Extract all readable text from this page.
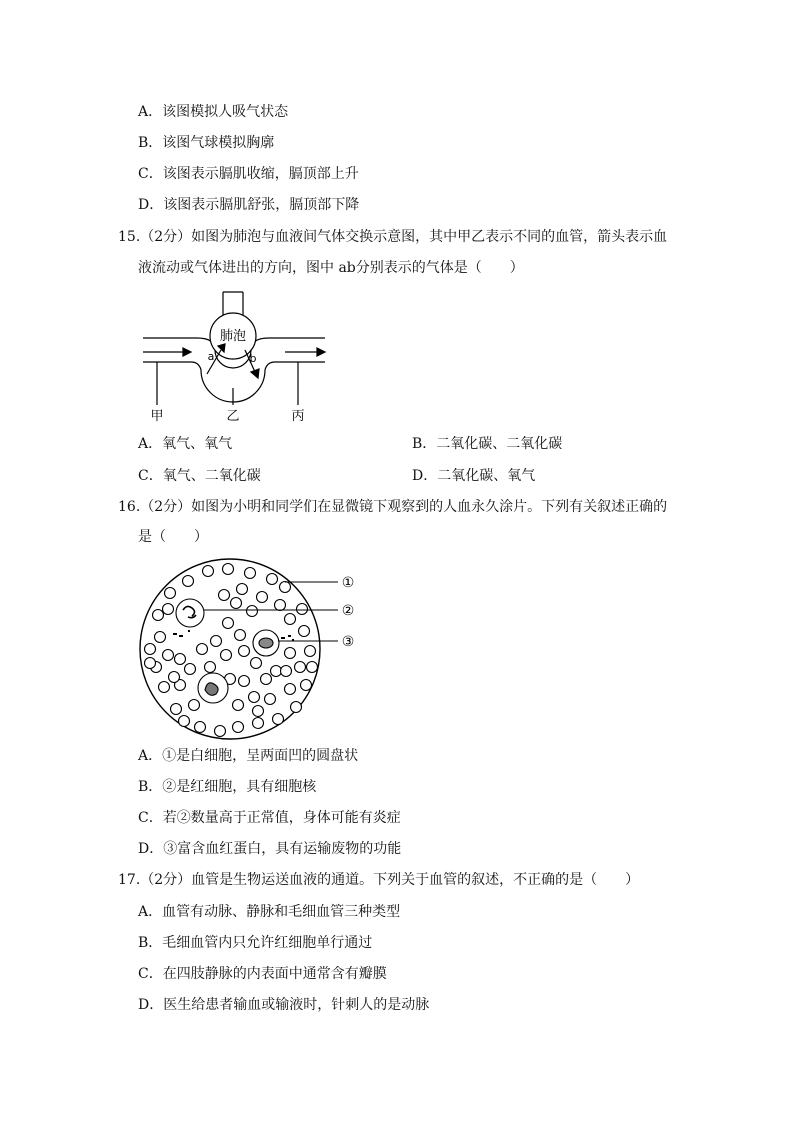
A．该图模拟人吸气状态
B．该图气球模拟胸廓
C．该图表示膈肌收缩，膈顶部上升
D．该图表示膈肌舒张，膈顶部下降
15.（2分）如图为肺泡与血液间气体交换示意图，其中甲乙表示不同的血管，箭头表示血
液流动或气体进出的方向，图中 ab分别表示的气体是（　　）
肺泡
a	b
甲	乙	丙
A．氧气、氧气	B．二氧化碳、二氧化碳
C．氧气、二氧化碳	D．二氧化碳、氧气
16.（2分）如图为小明和同学们在显微镜下观察到的人血永久涂片。下列有关叙述正确的
是（　　）
①
②
③
A．①是白细胞，呈两面凹的圆盘状
B．②是红细胞，具有细胞核
C．若②数量高于正常值，身体可能有炎症
D．③富含血红蛋白，具有运输废物的功能
17.（2分）血管是生物运送血液的通道。下列关于血管的叙述，不正确的是（　　）
A．血管有动脉、静脉和毛细血管三种类型
B．毛细血管内只允许红细胞单行通过
C．在四肢静脉的内表面中通常含有瓣膜
D．医生给患者输血或输液时，针刺人的是动脉
